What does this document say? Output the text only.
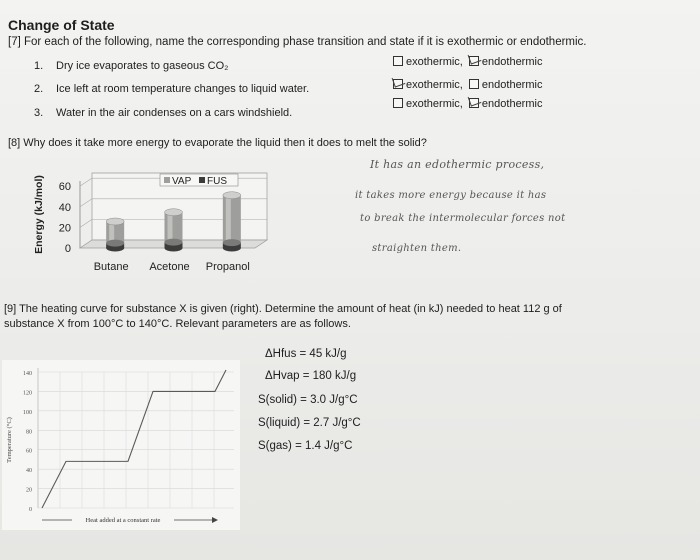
Change of State
[7] For each of the following, name the corresponding phase transition and state if it is exothermic or endothermic.
1. Dry ice evaporates to gaseous CO₂	exothermic, endothermic
2. Ice left at room temperature changes to liquid water.	exothermic, endothermic
3. Water in the air condenses on a cars windshield.
exothermic, endothermic
[8] Why does it take more energy to evaporate the liquid then it does to melt the solid?
It has an edothermic process,
it takes more energy because it has
to break the intermolecular forces not
straighten them.
0
20
40
60
Energy (kJ/mol)
Butane Acetone Propanol
VAP FUS
[9] The heating curve for substance X is given (right). Determine the amount of heat (in kJ) needed to heat 112 g of
substance X from 100°C to 140°C. Relevant parameters are as follows.
ΔHfus = 45 kJ/g
ΔHvap = 180 kJ/g
S(solid) = 3.0 J/g°C
S(liquid) = 2.7 J/g°C
S(gas) = 1.4 J/g°C
0
20
40
60
80
100
120
140
Temperature (°C)
Heat added at a constant rate
